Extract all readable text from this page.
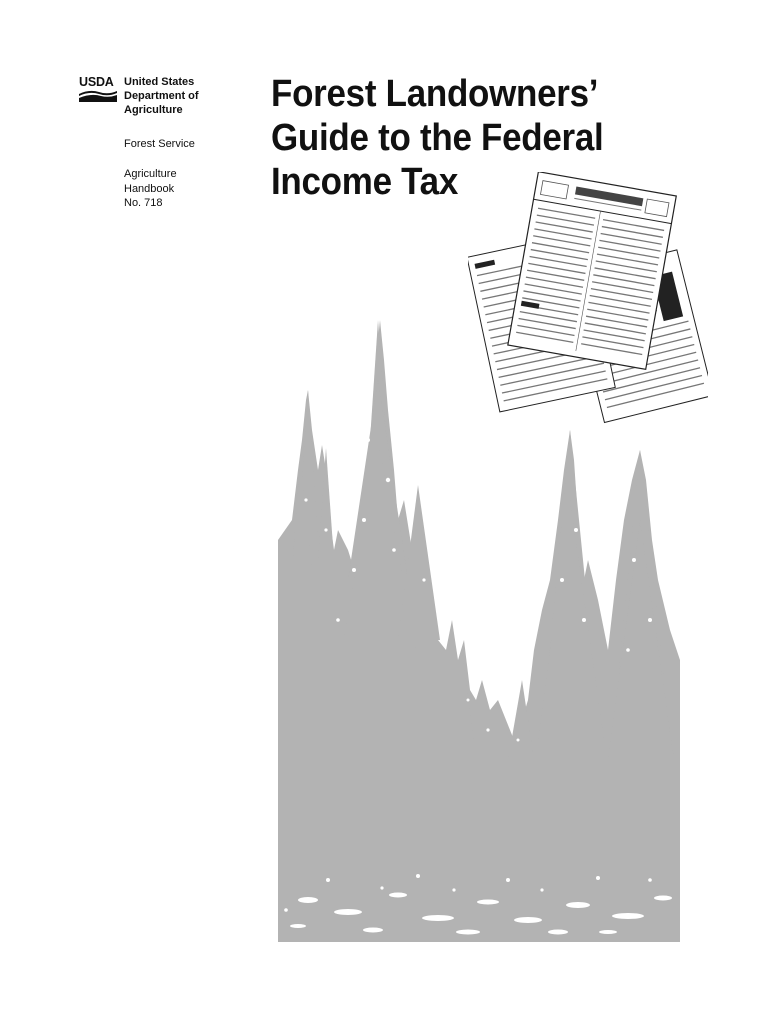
USDA United States
Department of
Agriculture
Forest Service
Agriculture
Handbook
No. 718
Forest Landowners’
Guide to the Federal
Income Tax
